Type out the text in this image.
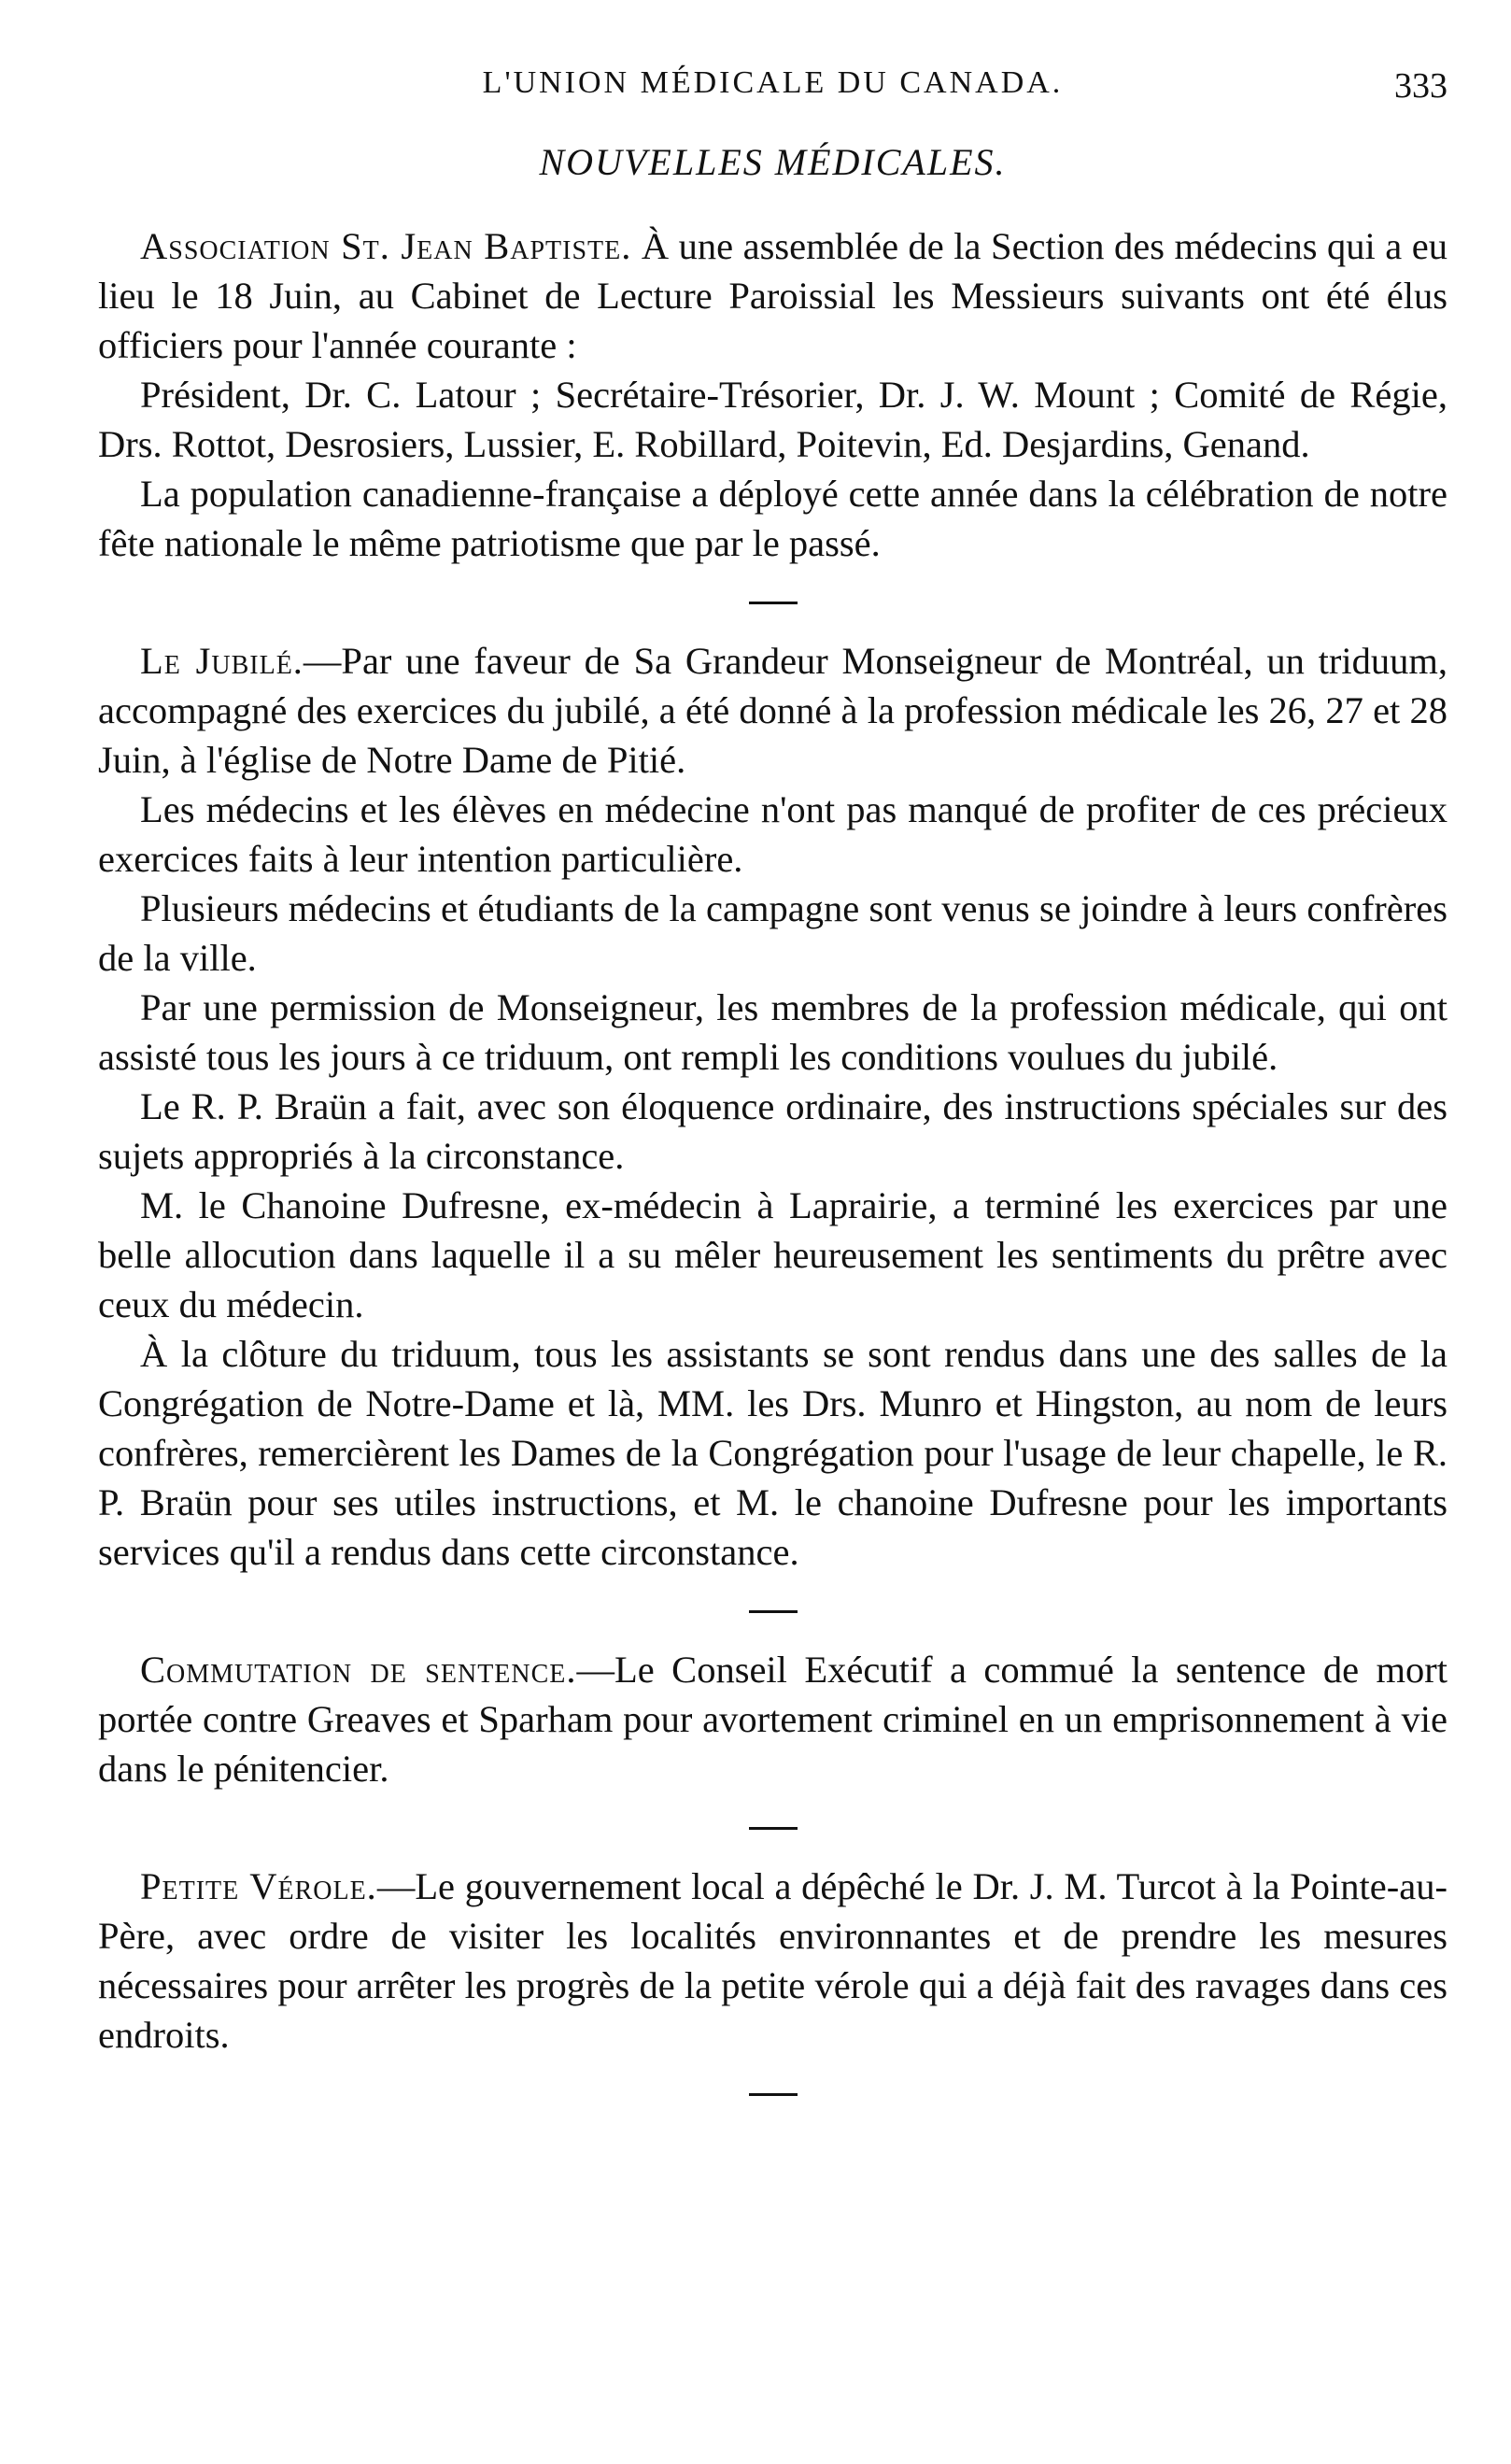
L'UNION MÉDICALE DU CANADA.	333
NOUVELLES MÉDICALES.

Association St. Jean Baptiste. À une assemblée de la Section des médecins qui a eu lieu le 18 Juin, au Cabinet de Lecture Paroissial les Messieurs suivants ont été élus officiers pour l'année courante :

Président, Dr. C. Latour ; Secrétaire-Trésorier, Dr. J. W. Mount ; Comité de Régie, Drs. Rottot, Desrosiers, Lussier, E. Robillard, Poitevin, Ed. Desjardins, Genand.

La population canadienne-française a déployé cette année dans la célébration de notre fête nationale le même patriotisme que par le passé.

Le Jubilé.—Par une faveur de Sa Grandeur Monseigneur de Montréal, un triduum, accompagné des exercices du jubilé, a été donné à la profession médicale les 26, 27 et 28 Juin, à l'église de Notre Dame de Pitié.

Les médecins et les élèves en médecine n'ont pas manqué de profiter de ces précieux exercices faits à leur intention particulière.

Plusieurs médecins et étudiants de la campagne sont venus se joindre à leurs confrères de la ville.

Par une permission de Monseigneur, les membres de la profession médicale, qui ont assisté tous les jours à ce triduum, ont rempli les conditions voulues du jubilé.

Le R. P. Braün a fait, avec son éloquence ordinaire, des instructions spéciales sur des sujets appropriés à la circonstance.

M. le Chanoine Dufresne, ex-médecin à Laprairie, a terminé les exercices par une belle allocution dans laquelle il a su mêler heureusement les sentiments du prêtre avec ceux du médecin.

À la clôture du triduum, tous les assistants se sont rendus dans une des salles de la Congrégation de Notre-Dame et là, MM. les Drs. Munro et Hingston, au nom de leurs confrères, remercièrent les Dames de la Congrégation pour l'usage de leur chapelle, le R. P. Braün pour ses utiles instructions, et M. le chanoine Dufresne pour les importants services qu'il a rendus dans cette circonstance.

Commutation de sentence.—Le Conseil Exécutif a commué la sentence de mort portée contre Greaves et Sparham pour avortement criminel en un emprisonnement à vie dans le pénitencier.

Petite Vérole.—Le gouvernement local a dépêché le Dr. J. M. Turcot à la Pointe-au-Père, avec ordre de visiter les localités environnantes et de prendre les mesures nécessaires pour arrêter les progrès de la petite vérole qui a déjà fait des ravages dans ces endroits.
